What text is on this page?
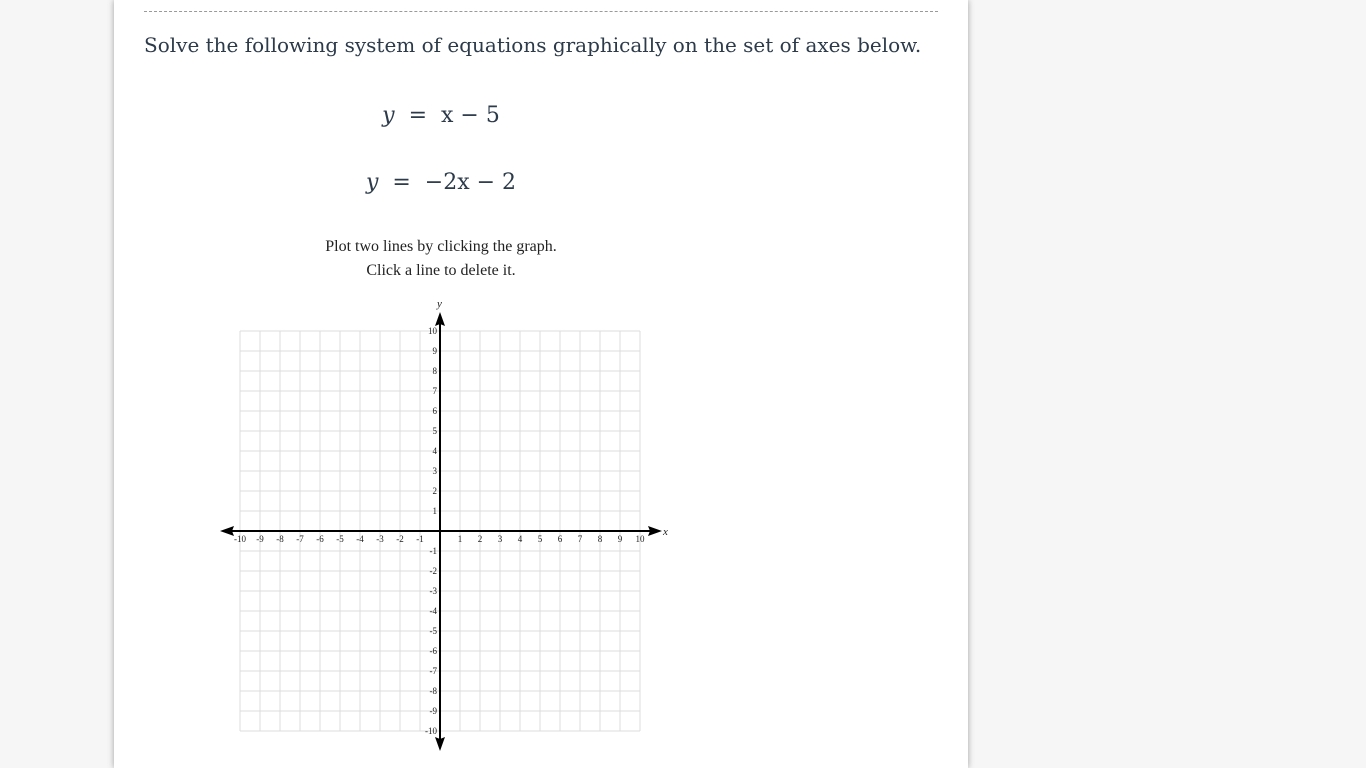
Solve the following system of equations graphically on the set of axes below.
y  =  x − 5
y  =  −2x − 2
Plot two lines by clicking the graph.
Click a line to delete it.
-10 -9 -8 -7 -6 -5 -4 -3 -2 -1	1 2 3 4 5 6 7 8 9 10
10
9
8
7
6
5
4
3
2
1
-1
-2
-3
-4
-5
-6
-7
-8
-9
-10
x
y
